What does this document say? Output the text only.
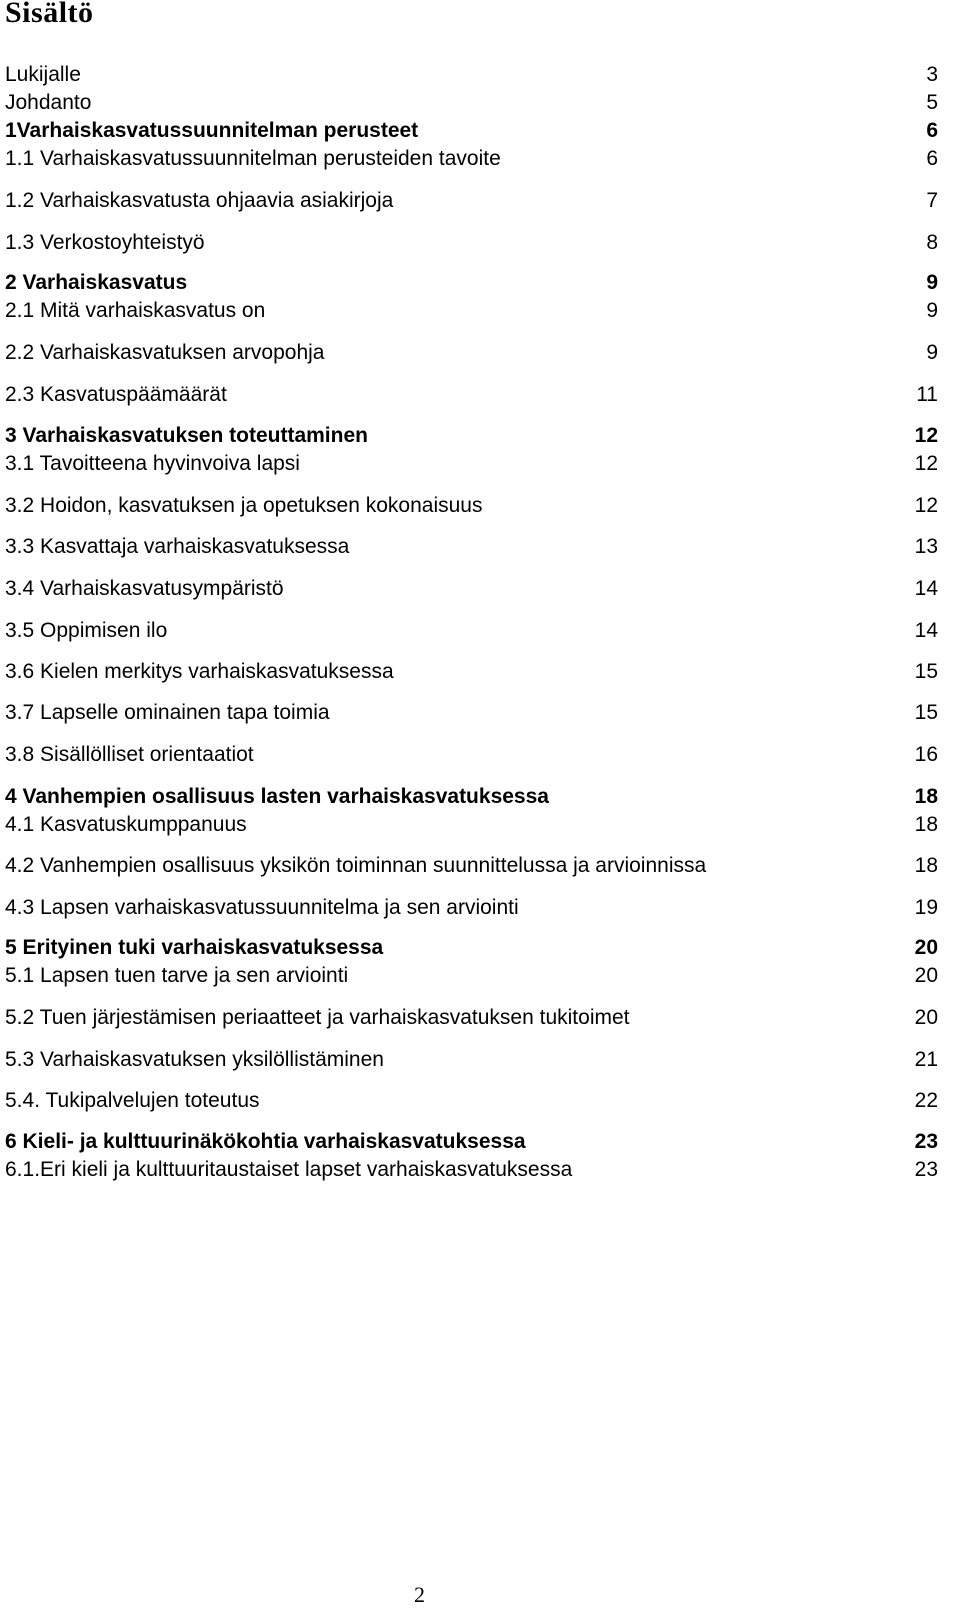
Sisältö
Lukijalle	3
Johdanto	5
1Varhaiskasvatussuunnitelman perusteet	6
1.1 Varhaiskasvatussuunnitelman perusteiden tavoite	6
1.2 Varhaiskasvatusta ohjaavia asiakirjoja	7
1.3 Verkostoyhteistyö	8
2 Varhaiskasvatus	9
2.1 Mitä varhaiskasvatus on	9
2.2 Varhaiskasvatuksen arvopohja	9
2.3 Kasvatuspäämäärät	11
3 Varhaiskasvatuksen toteuttaminen	12
3.1 Tavoitteena hyvinvoiva lapsi	12
3.2 Hoidon, kasvatuksen ja opetuksen kokonaisuus	12
3.3 Kasvattaja varhaiskasvatuksessa	13
3.4 Varhaiskasvatusympäristö	14
3.5 Oppimisen ilo	14
3.6 Kielen merkitys varhaiskasvatuksessa	15
3.7 Lapselle ominainen tapa toimia	15
3.8 Sisällölliset orientaatiot	16
4 Vanhempien osallisuus lasten varhaiskasvatuksessa	18
4.1 Kasvatuskumppanuus	18
4.2 Vanhempien osallisuus yksikön toiminnan suunnittelussa ja arvioinnissa	18
4.3 Lapsen varhaiskasvatussuunnitelma ja sen arviointi	19
5 Erityinen tuki varhaiskasvatuksessa	20
5.1 Lapsen tuen tarve ja sen arviointi	20
5.2 Tuen järjestämisen periaatteet ja varhaiskasvatuksen tukitoimet	20
5.3 Varhaiskasvatuksen yksilöllistäminen	21
5.4. Tukipalvelujen toteutus	22
6 Kieli- ja kulttuurinäkökohtia varhaiskasvatuksessa	23
6.1.Eri kieli ja kulttuuritaustaiset lapset varhaiskasvatuksessa	23
2
